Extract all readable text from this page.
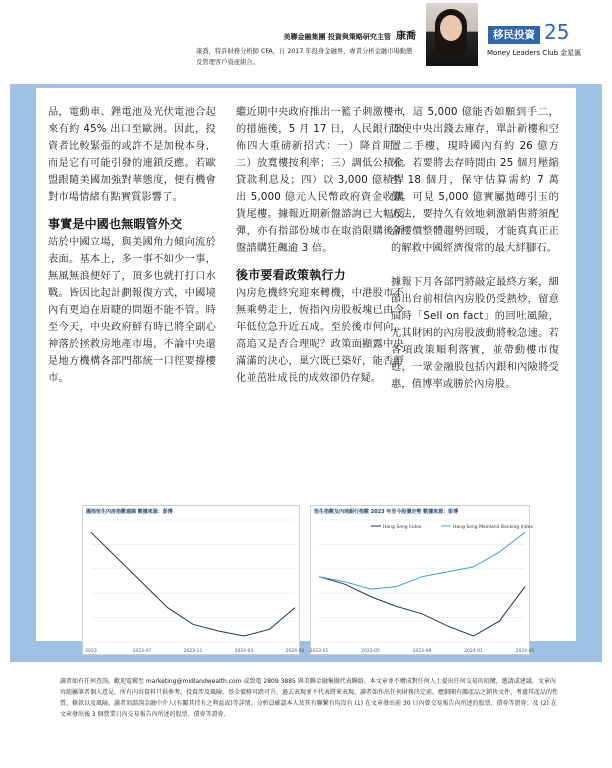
美聯金融集團 投資與策略研究主管 康喬
康喬，特許財務分析師 CFA，自 2017 年投身金融界，專責分析金融市場動態及管理客戶資產組合。
移民投資 25
Money Leaders Club 金星匯

品，電動車、鋰電池及光伏電池合起來有約 45% 出口至歐洲。因此，投資者比較緊張的或許不是加稅本身，而是它有可能引發的連鎖反應。若歐盟跟隨美國加強對華態度，便有機會對市場情緒有點實質影響了。

事實是中國也無暇管外交

站於中國立場，與美國角力傾向流於表面。基本上，多一事不如少一事，無風無浪便好了，頂多也就打打口水戰。皆因比起計劃報復方式，中國境內有更迫在眉睫的問題不能不管。時至今天，中央政府鮮有時已將全副心神落於拯救房地產市場，不論中央還是地方機構各部門都統一口徑要撐樓市。

繼近期中央政府推出一籃子刺激樓市的措施後，5 月 17 日，人民銀行公佈四大重磅新招式：一）降首期；二）放寬樓按利率；三）調低公積金貸款利息及；四）以 3,000 億積桿出 5,000 億元人民幣政府資金收購貨尾樓。據報近期新盤諮詢已大幅反彈，亦有指部份城市在取消限購後新盤諮購狂飆逾 3 倍。

後市要看政策執行力

內房危機終究迎來轉機，中港股市不無乘勢走上，恆指內房股板塊已由今年低位急升近五成。至於後市何向，高追又是否合理呢？政策面顯露中央滿滿的決心，巢穴既已築好，能否孵化並茁壯成長的成效卻仍存疑。

一，這 5,000 億能否如願到手二，即使中央出錢去庫存，單計新樓和空置二手樓，現時國內有約 26 億方米。若要將去存時間由 25 個月壓縮至 18 個月，保守估算需約 7 萬億。可見 5,000 億實屬拋磚引玉的方法，要持久有效地刺激銷售將須配合樓價整體趨勢回暖，才能真真正正的解救中國經濟復常的最大絆腳石。

據報下月各部門將敲定最終方案，細節出台前相信內房股仍受熱炒，留意屆時「Sell on fact」的回吐風險，尤其財困的內房股波動將較急速。若各項政策順利落實，並帶動樓市復甦，一眾金融股包括內銀和內險將受惠，值博率或勝於內房股。

國指恒生內房指數週線 數據來源：彭博
2023	2023-07	2023-11	2024-03	2024-06
恒生指數及內地銀行指數 2023 年至今股價走勢 數據來源：彭博
2023-01	2023-05	2023-09	2024-01	2024-05
Hang Seng Index	Hang Seng Mainland Banking Index
讀者如有任何查詢，歡迎電郵至 marketing@midlandwealth.com 或致電 2809 3885 與美聯金融集團代表聯絡。本文章並不構成對任何人士提出任何交易的招攬，邀請或建議。文章內容純屬筆者個人意見，所有內容資料只供參考。投資涉及風險，基金價格可跌可升，過去表現並不代表將來表現。讀者如作出任何財務決定前，應細閱有關產品之銷售文件，考慮其產品的性質、條款以及風險。讀者須諮詢金融中介人(有關其持有之利益或)等詳情。分析員確認本人及其有聯繫有均沒有 (1) 在文章發出前 30 日內曾交易報告內所述的股票、債券等證券；及 (2) 在文章發出後 3 個營業日內交易報告內所述的股票、債券等證券。
